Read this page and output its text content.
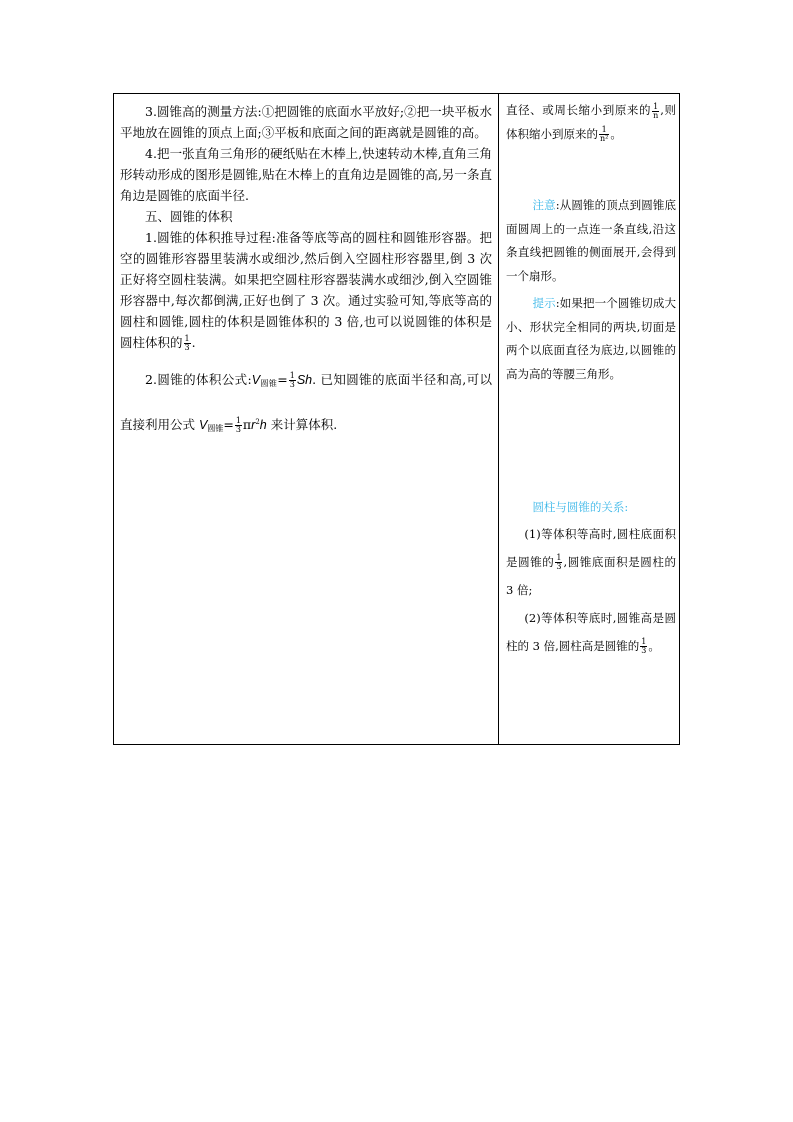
3.圆锥高的测量方法:①把圆锥的底面水平放好;②把一块平板水平地放在圆锥的顶点上面;③平板和底面之间的距离就是圆锥的高。

4.把一张直角三角形的硬纸贴在木棒上,快速转动木棒,直角三角形转动形成的图形是圆锥,贴在木棒上的直角边是圆锥的高,另一条直角边是圆锥的底面半径.

五、圆锥的体积

1.圆锥的体积推导过程:准备等底等高的圆柱和圆锥形容器。把空的圆锥形容器里装满水或细沙,然后倒入空圆柱形容器里,倒 3 次正好将空圆柱装满。如果把空圆柱形容器装满水或细沙,倒入空圆锥形容器中,每次都倒满,正好也倒了 3 次。通过实验可知,等底等高的圆柱和圆锥,圆柱的体积是圆锥体积的 3 倍,也可以说圆锥的体积是圆柱体积的 $\frac{1}{3}$ .

2.圆锥的体积公式$:V_{圆锥}= \frac{1}{3} Sh$. 已知圆锥的底面半径和高,可以直接利用公式 $V_{圆锥}= \frac{1}{3} \pi r^2h$ 来计算体积.

直径、或周长缩小到原来的 $\frac{1}{n}$ ,则体积缩小到原来的 $\frac{1}{\text{n²}}$ 。

注意:从圆锥的顶点到圆锥底面圆周上的一点连一条直线,沿这条直线把圆锥的侧面展开,会得到一个扇形。

提示:如果把一个圆锥切成大小、形状完全相同的两块,切面是两个以底面直径为底边,以圆锥的高为高的等腰三角形。

圆柱与圆锥的关系:

(1)等体积等高时,圆柱底面积是圆锥的 $\frac{1}{3}$ ,圆锥底面积是圆柱的 3 倍;

(2)等体积等底时,圆锥高是圆柱的 3 倍,圆柱高是圆锥的 $\frac{1}{3}$ 。
